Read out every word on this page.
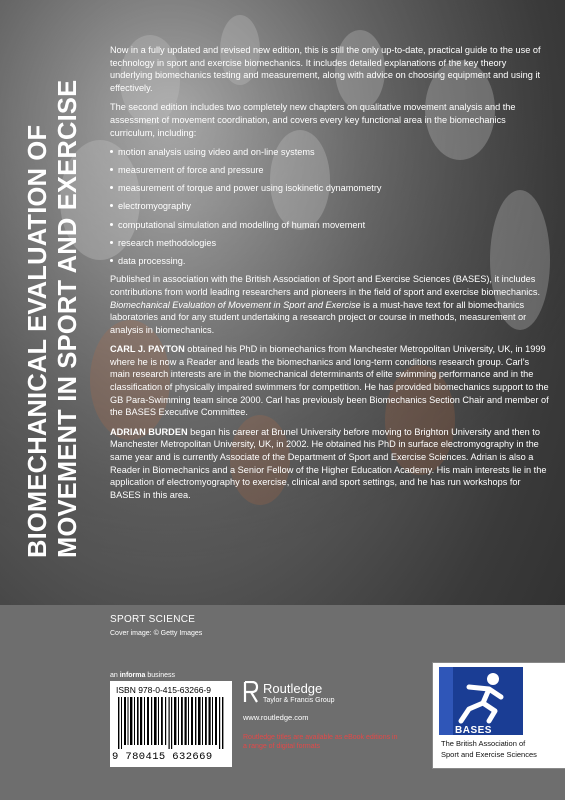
BIOMECHANICAL EVALUATION OF MOVEMENT IN SPORT AND EXERCISE

Now in a fully updated and revised new edition, this is still the only up-to-date, practical guide to the use of technology in sport and exercise biomechanics. It includes detailed explanations of the key theory underlying biomechanics testing and measurement, along with advice on choosing equipment and using it effectively.

The second edition includes two completely new chapters on qualitative movement analysis and the assessment of movement coordination, and covers every key functional area in the biomechanics curriculum, including:

motion analysis using video and on-line systems
measurement of force and pressure
measurement of torque and power using isokinetic dynamometry
electromyography
computational simulation and modelling of human movement
research methodologies
data processing.

Published in association with the British Association of Sport and Exercise Sciences (BASES), it includes contributions from world leading researchers and pioneers in the field of sport and exercise biomechanics. Biomechanical Evaluation of Movement in Sport and Exercise is a must-have text for all biomechanics laboratories and for any student undertaking a research project or course in methods, measurement or analysis in biomechanics.

CARL J. PAYTON obtained his PhD in biomechanics from Manchester Metropolitan University, UK, in 1999 where he is now a Reader and leads the biomechanics and long-term conditions research group. Carl’s main research interests are in the biomechanical determinants of elite swimming performance and in the classification of physically impaired swimmers for competition. He has provided biomechanics support to the GB Para-Swimming team since 2000. Carl has previously been Biomechanics Section Chair and member of the BASES Executive Committee.

ADRIAN BURDEN began his career at Brunel University before moving to Brighton University and then to Manchester Metropolitan University, UK, in 2002. He obtained his PhD in surface electromyography in the same year and is currently Associate of the Department of Sport and Exercise Sciences. Adrian is also a Reader in Biomechanics and a Senior Fellow of the Higher Education Academy. His main interests lie in the application of electromyography to exercise, clinical and sport settings, and he has run workshops for BASES in this area.

SPORT SCIENCE
Cover image: © Getty Images
an informa business
ISBN 978-0-415-63266-9
9 780415 632669
Routledge
Taylor & Francis Group
www.routledge.com
Routledge titles are available as eBook editions in a range of digital formats
BASES
The British Association of
Sport and Exercise Sciences
